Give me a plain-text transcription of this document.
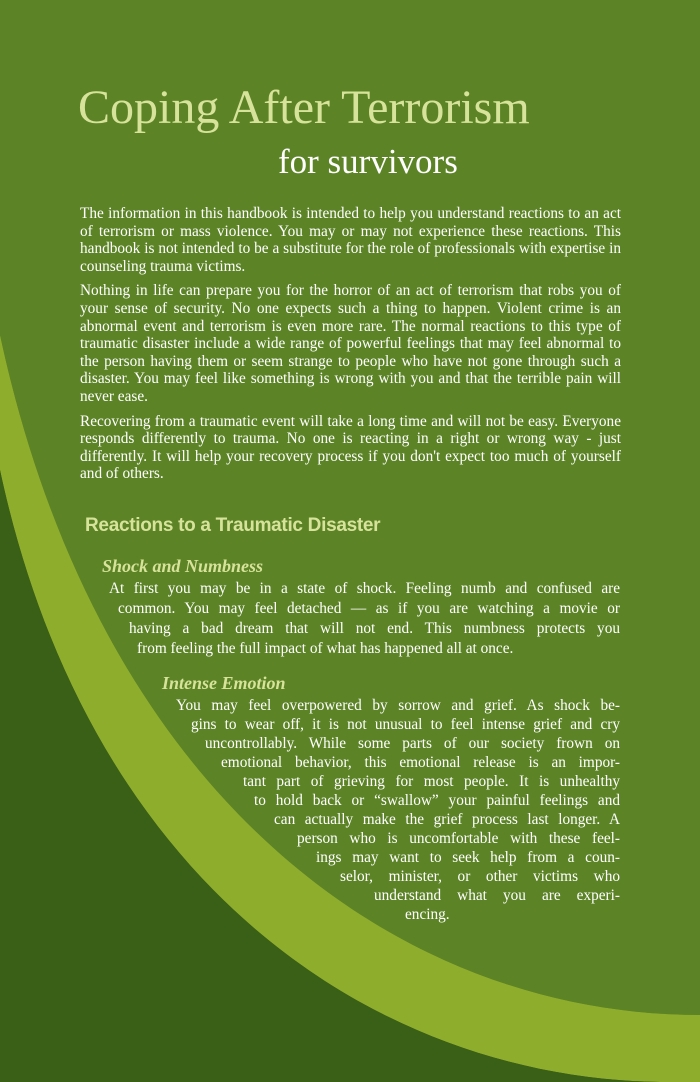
Coping After Terrorism
for survivors

The information in this handbook is intended to help you understand reactions to an act of terrorism or mass violence. You may or may not experience these reactions. This handbook is not intended to be a substitute for the role of professionals with expertise in counseling trauma victims.

Nothing in life can prepare you for the horror of an act of terrorism that robs you of your sense of security. No one expects such a thing to happen. Violent crime is an abnormal event and terrorism is even more rare. The normal reactions to this type of traumatic disaster include a wide range of powerful feelings that may feel abnormal to the person having them or seem strange to people who have not gone through such a disaster. You may feel like something is wrong with you and that the terrible pain will never ease.

Recovering from a traumatic event will take a long time and will not be easy. Everyone responds differently to trauma. No one is reacting in a right or wrong way - just differently. It will help your recovery process if you don't expect too much of yourself and of others.

Reactions to a Traumatic Disaster
Shock and Numbness
At first you may be in a state of shock. Feeling numb and confused are
common. You may feel detached — as if you are watching a movie or
having a bad dream that will not end. This numbness protects you
from feeling the full impact of what has happened all at once.
Intense Emotion
You may feel overpowered by sorrow and grief. As shock be-
gins to wear off, it is not unusual to feel intense grief and cry
uncontrollably. While some parts of our society frown on
emotional behavior, this emotional release is an impor-
tant part of grieving for most people. It is unhealthy
to hold back or “swallow” your painful feelings and
can actually make the grief process last longer. A
person who is uncomfortable with these feel-
ings may want to seek help from a coun-
selor, minister, or other victims who
understand what you are experi-
encing.
